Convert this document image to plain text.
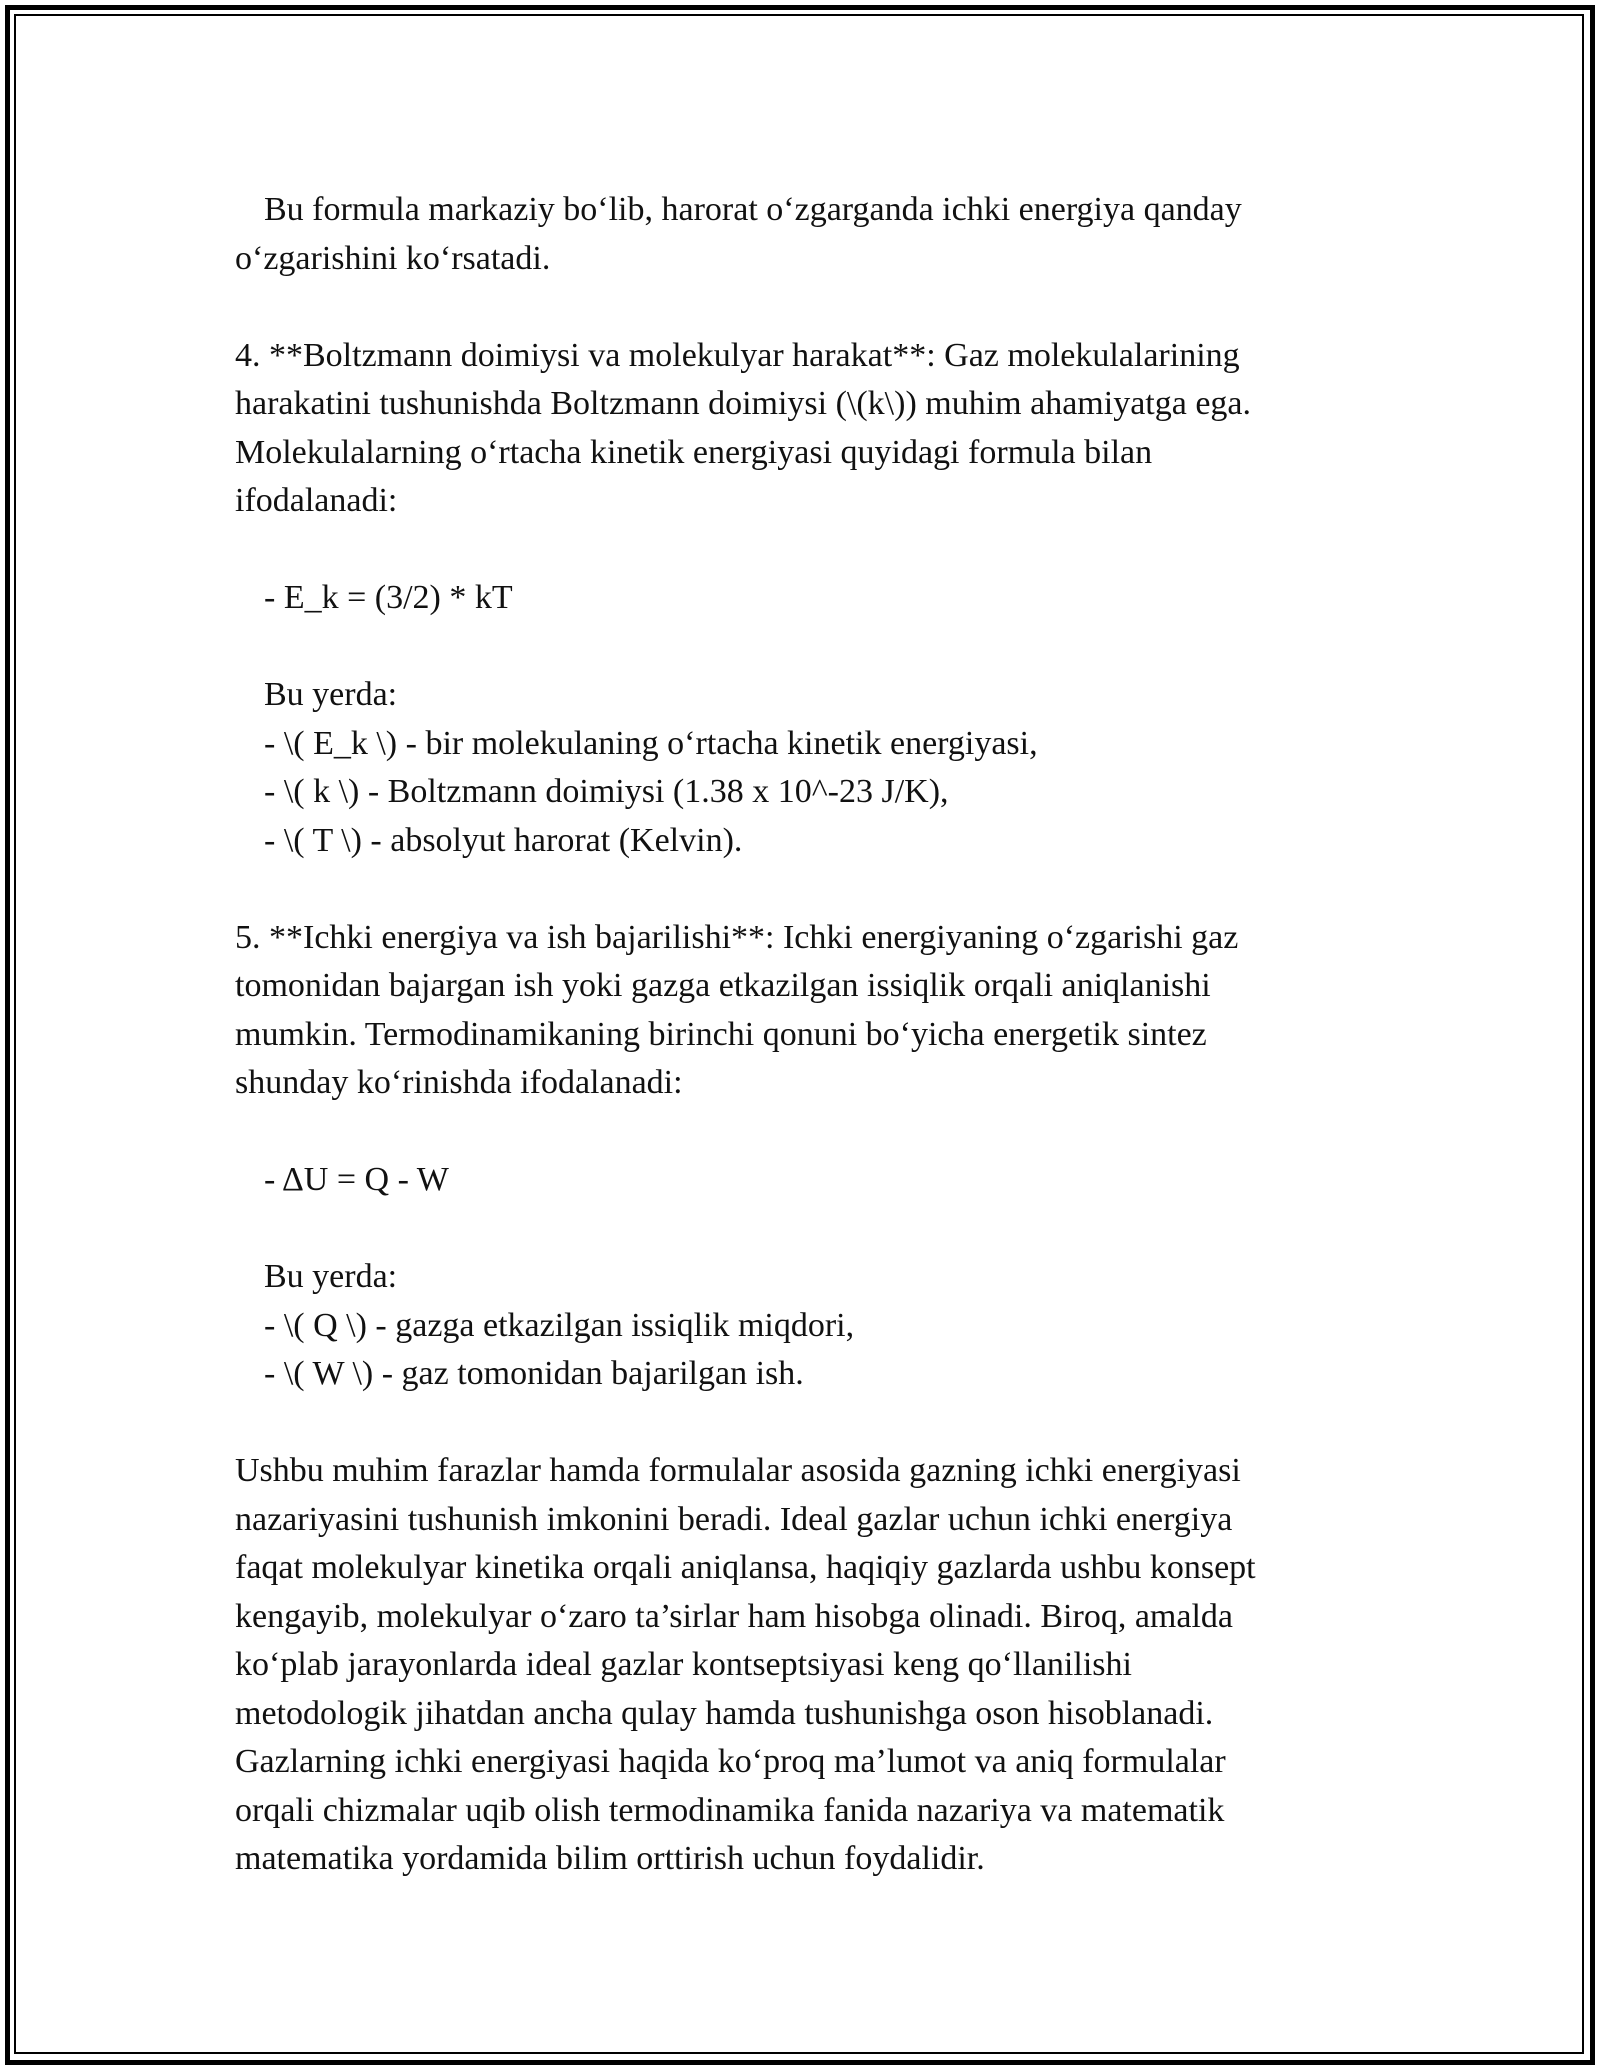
Bu formula markaziy bo‘lib, harorat o‘zgarganda ichki energiya qanday
o‘zgarishini ko‘rsatadi.
4. **Boltzmann doimiysi va molekulyar harakat**: Gaz molekulalarining
harakatini tushunishda Boltzmann doimiysi (\(k\)) muhim ahamiyatga ega.
Molekulalarning o‘rtacha kinetik energiyasi quyidagi formula bilan
ifodalanadi:
- E_k = (3/2) * kT
Bu yerda:
- \( E_k \) - bir molekulaning o‘rtacha kinetik energiyasi,
- \( k \) - Boltzmann doimiysi (1.38 x 10^-23 J/K),
- \( T \) - absolyut harorat (Kelvin).
5. **Ichki energiya va ish bajarilishi**: Ichki energiyaning o‘zgarishi gaz
tomonidan bajargan ish yoki gazga etkazilgan issiqlik orqali aniqlanishi
mumkin. Termodinamikaning birinchi qonuni bo‘yicha energetik sintez
shunday ko‘rinishda ifodalanadi:
- ΔU = Q - W
Bu yerda:
- \( Q \) - gazga etkazilgan issiqlik miqdori,
- \( W \) - gaz tomonidan bajarilgan ish.
Ushbu muhim farazlar hamda formulalar asosida gazning ichki energiyasi
nazariyasini tushunish imkonini beradi. Ideal gazlar uchun ichki energiya
faqat molekulyar kinetika orqali aniqlansa, haqiqiy gazlarda ushbu konsept
kengayib, molekulyar o‘zaro ta’sirlar ham hisobga olinadi. Biroq, amalda
ko‘plab jarayonlarda ideal gazlar kontseptsiyasi keng qo‘llanilishi
metodologik jihatdan ancha qulay hamda tushunishga oson hisoblanadi.
Gazlarning ichki energiyasi haqida ko‘proq ma’lumot va aniq formulalar
orqali chizmalar uqib olish termodinamika fanida nazariya va matematik
matematika yordamida bilim orttirish uchun foydalidir.
